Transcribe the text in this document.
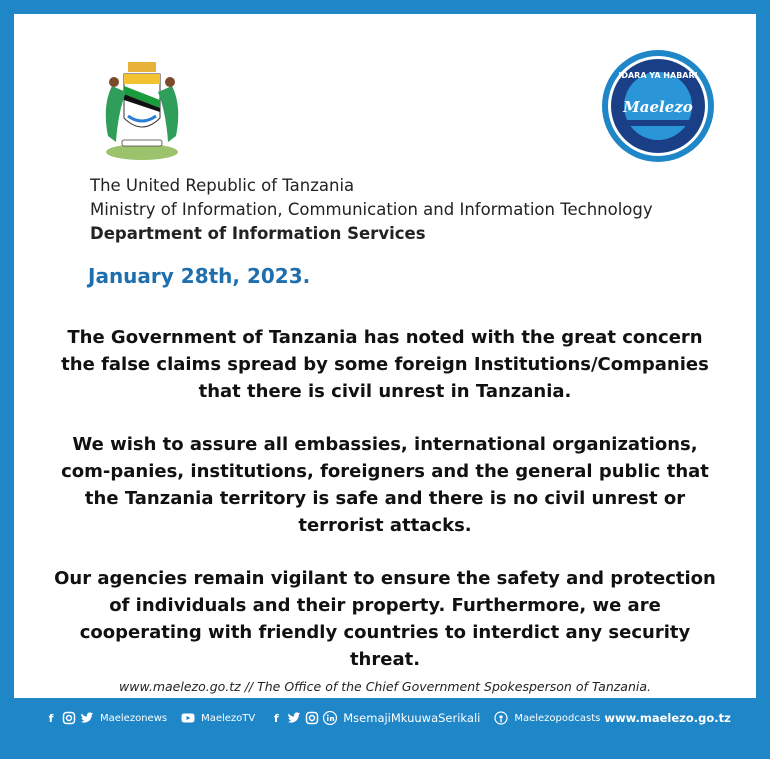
IDARA YA HABARI
Maelezo
The United Republic of Tanzania
Ministry of Information, Communication and Information Technology
Department of Information Services
January 28th, 2023.

The Government of Tanzania has noted with the great concern the false claims spread by some foreign Institutions/Companies that there is civil unrest in Tanzania.

We wish to assure all embassies, international organizations, com-panies, institutions, foreigners and the general public that the Tanzania territory is safe and there is no civil unrest or terrorist attacks.

Our agencies remain vigilant to ensure the safety and protection of individuals and their property. Furthermore, we are cooperating with friendly countries to interdict any security threat.

www.maelezo.go.tz // The Office of the Chief Government Spokesperson of Tanzania.
f	Maelezonews	MaelezoTV	f	MsemajiMkuuwaSerikali	Maelezopodcasts www.maelezo.go.tz
